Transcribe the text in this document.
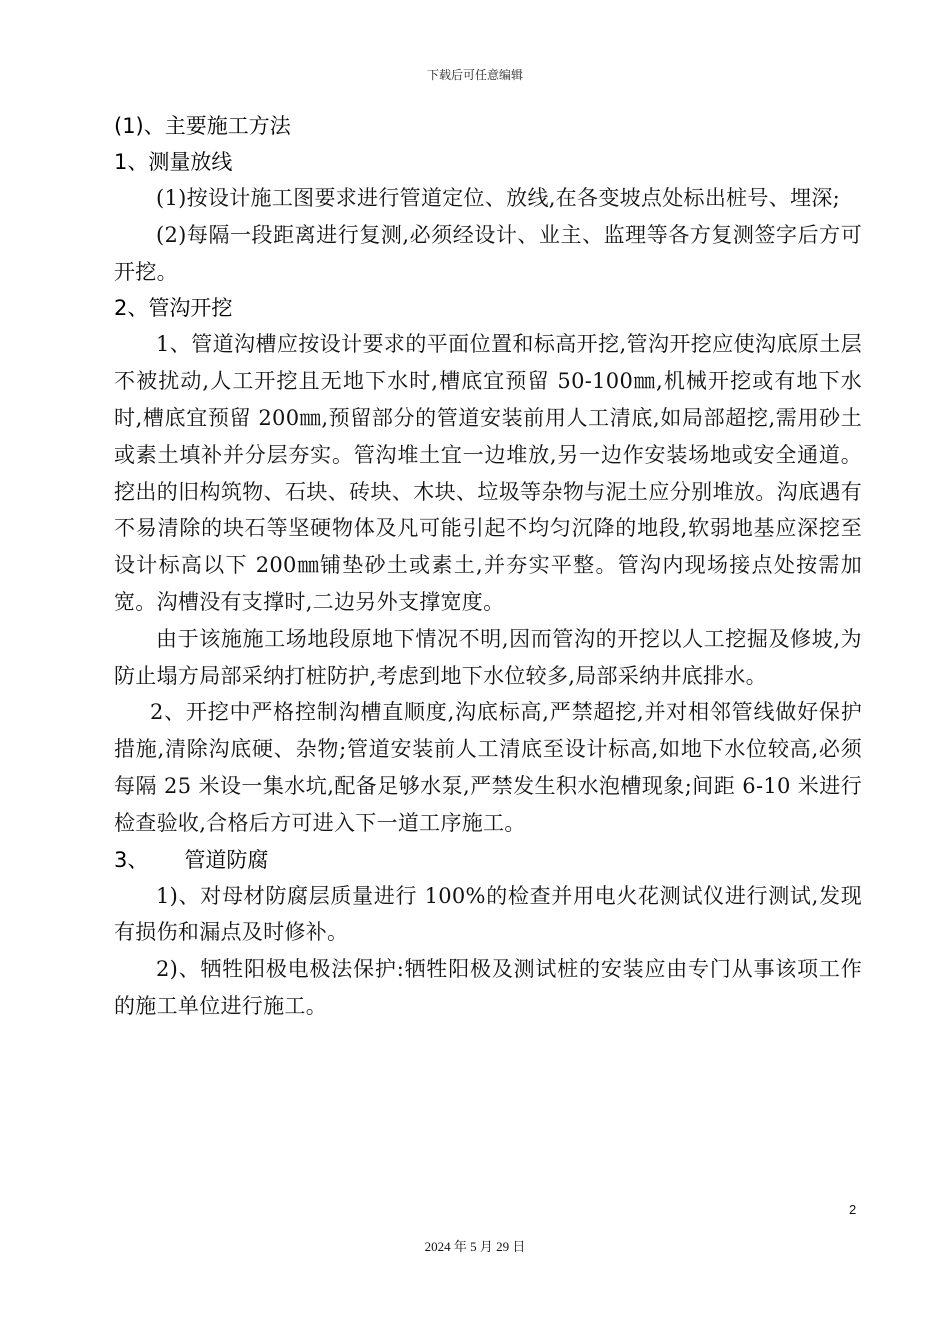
下载后可任意编辑
(1)、主要施工方法
1、测量放线

(1)按设计施工图要求进行管道定位、放线,在各变坡点处标出桩号、埋深;

(2)每隔一段距离进行复测,必须经设计、业主、监理等各方复测签字后方可开挖。

2、管沟开挖

1、管道沟槽应按设计要求的平面位置和标高开挖,管沟开挖应使沟底原土层不被扰动,人工开挖且无地下水时,槽底宜预留 50-100㎜,机械开挖或有地下水时,槽底宜预留 200㎜,预留部分的管道安装前用人工清底,如局部超挖,需用砂土或素土填补并分层夯实。管沟堆土宜一边堆放,另一边作安装场地或安全通道。挖出的旧构筑物、石块、砖块、木块、垃圾等杂物与泥土应分别堆放。沟底遇有不易清除的块石等坚硬物体及凡可能引起不均匀沉降的地段,软弱地基应深挖至设计标高以下 200㎜铺垫砂土或素土,并夯实平整。管沟内现场接点处按需加宽。沟槽没有支撑时,二边另外支撑宽度。

由于该施施工场地段原地下情况不明,因而管沟的开挖以人工挖掘及修坡,为防止塌方局部采纳打桩防护,考虑到地下水位较多,局部采纳井底排水。

2、开挖中严格控制沟槽直顺度,沟底标高,严禁超挖,并对相邻管线做好保护措施,清除沟底硬、杂物;管道安装前人工清底至设计标高,如地下水位较高,必须每隔 25 米设一集水坑,配备足够水泵,严禁发生积水泡槽现象;间距 6-10 米进行检查验收,合格后方可进入下一道工序施工。

3、 管道防腐

1)、对母材防腐层质量进行 100%的检查并用电火花测试仪进行测试,发现有损伤和漏点及时修补。

2)、牺牲阳极电极法保护:牺牲阳极及测试桩的安装应由专门从事该项工作的施工单位进行施工。

2
2024 年 5 月 29 日
